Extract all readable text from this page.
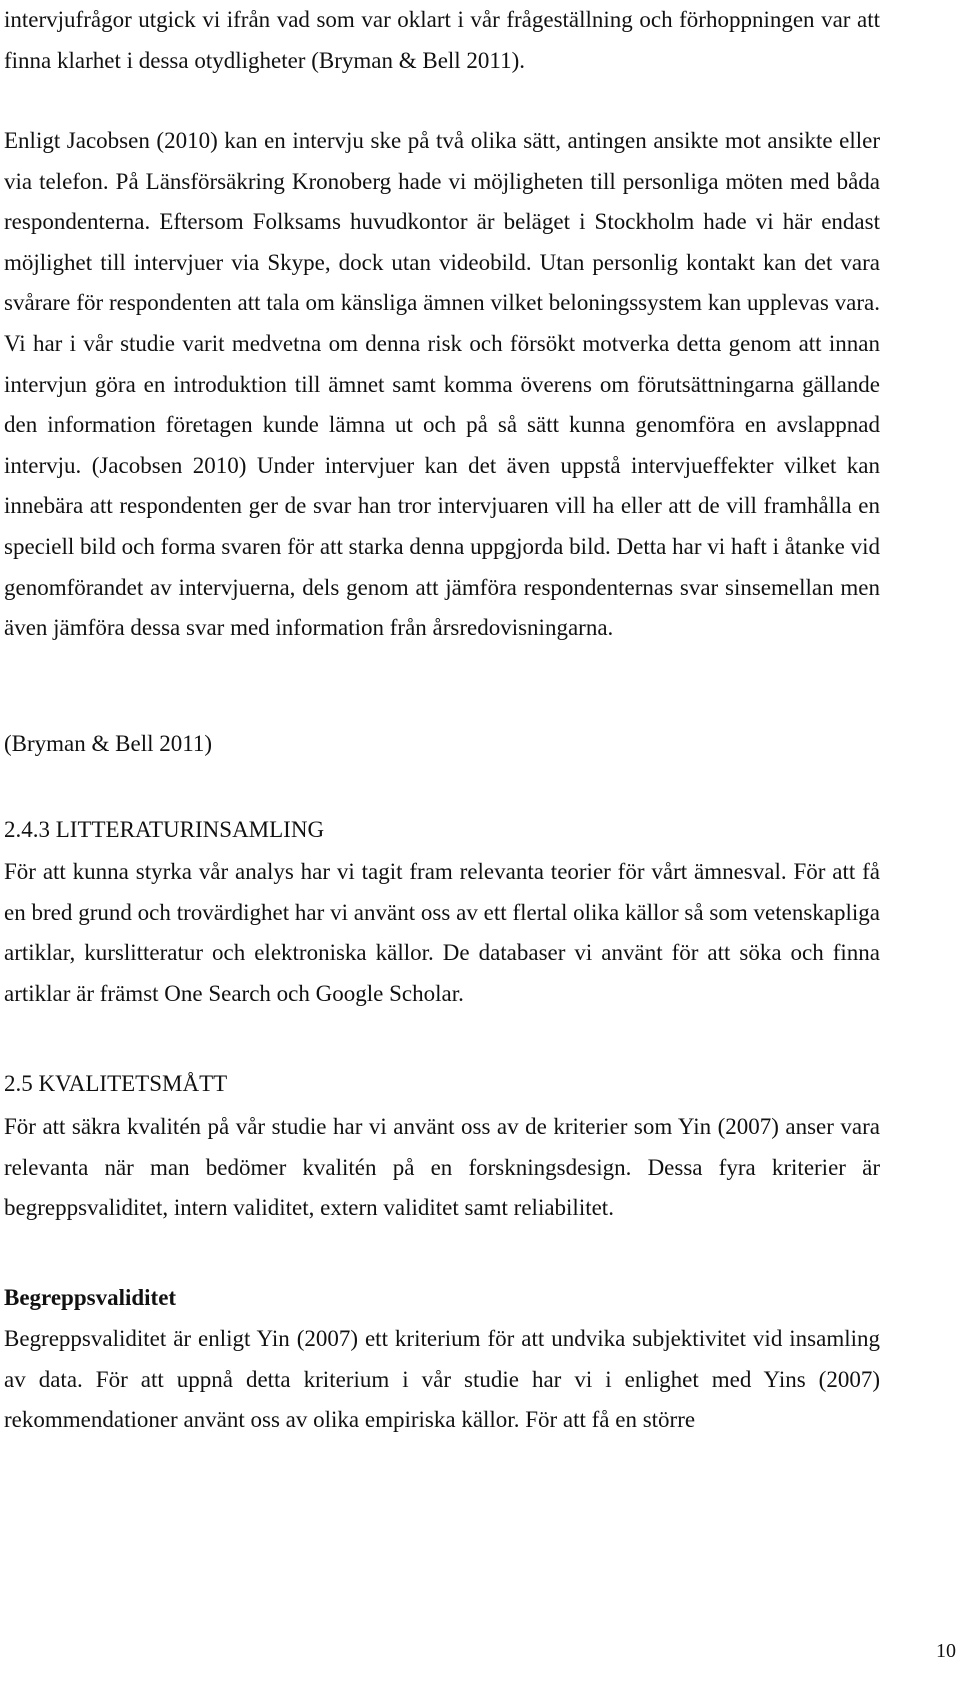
intervjufrågor utgick vi ifrån vad som var oklart i vår frågeställning och förhoppningen var att finna klarhet i dessa otydligheter (Bryman & Bell 2011).

Enligt Jacobsen (2010) kan en intervju ske på två olika sätt, antingen ansikte mot ansikte eller via telefon. På Länsförsäkring Kronoberg hade vi möjligheten till personliga möten med båda respondenterna. Eftersom Folksams huvudkontor är beläget i Stockholm hade vi här endast möjlighet till intervjuer via Skype, dock utan videobild. Utan personlig kontakt kan det vara svårare för respondenten att tala om känsliga ämnen vilket beloningssystem kan upplevas vara. Vi har i vår studie varit medvetna om denna risk och försökt motverka detta genom att innan intervjun göra en introduktion till ämnet samt komma överens om förutsättningarna gällande den information företagen kunde lämna ut och på så sätt kunna genomföra en avslappnad intervju. (Jacobsen 2010) Under intervjuer kan det även uppstå intervjueffekter vilket kan innebära att respondenten ger de svar han tror intervjuaren vill ha eller att de vill framhålla en speciell bild och forma svaren för att starka denna uppgjorda bild. Detta har vi haft i åtanke vid genomförandet av intervjuerna, dels genom att jämföra respondenternas svar sinsemellan men även jämföra dessa svar med information från årsredovisningarna.

(Bryman & Bell 2011)

2.4.3 LITTERATURINSAMLING

För att kunna styrka vår analys har vi tagit fram relevanta teorier för vårt ämnesval. För att få en bred grund och trovärdighet har vi använt oss av ett flertal olika källor så som vetenskapliga artiklar, kurslitteratur och elektroniska källor. De databaser vi använt för att söka och finna artiklar är främst One Search och Google Scholar.

2.5 KVALITETSMÅTT

För att säkra kvalitén på vår studie har vi använt oss av de kriterier som Yin (2007) anser vara relevanta när man bedömer kvalitén på en forskningsdesign. Dessa fyra kriterier är begreppsvaliditet, intern validitet, extern validitet samt reliabilitet.

Begreppsvaliditet

Begreppsvaliditet är enligt Yin (2007) ett kriterium för att undvika subjektivitet vid insamling av data. För att uppnå detta kriterium i vår studie har vi i enlighet med Yins (2007) rekommendationer använt oss av olika empiriska källor. För att få en större

10
